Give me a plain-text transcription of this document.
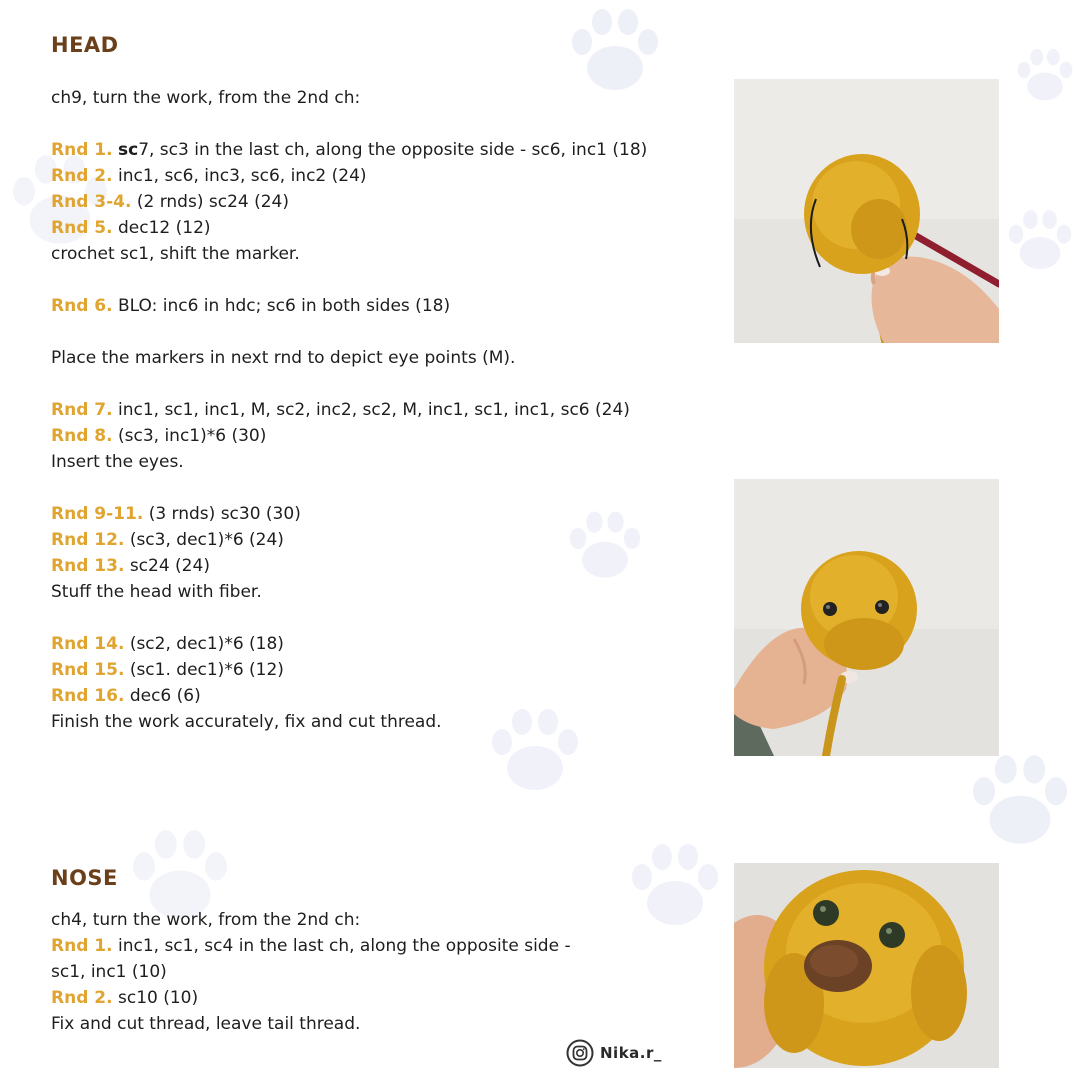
HEAD
ch9, turn the work, from the 2nd ch:
Rnd 1. sc7, sc3 in the last ch, along the opposite side - sc6, inc1 (18)
Rnd 2. inc1, sc6, inc3, sc6, inc2 (24)
Rnd 3-4. (2 rnds) sc24 (24)
Rnd 5. dec12 (12)
crochet sc1, shift the marker.
Rnd 6. BLO: inc6 in hdc; sc6 in both sides (18)
Place the markers in next rnd to depict eye points (M).
Rnd 7. inc1, sc1, inc1, M, sc2, inc2, sc2, M, inc1, sc1, inc1, sc6 (24)
Rnd 8. (sc3, inc1)*6 (30)
Insert the eyes.
Rnd 9-11. (3 rnds) sc30 (30)
Rnd 12. (sc3, dec1)*6 (24)
Rnd 13. sc24 (24)
Stuff the head with fiber.
Rnd 14. (sc2, dec1)*6 (18)
Rnd 15. (sc1. dec1)*6 (12)
Rnd 16. dec6 (6)
Finish the work accurately, fix and cut thread.
NOSE
ch4, turn the work, from the 2nd ch:
Rnd 1. inc1, sc1, sc4 in the last ch, along the opposite side -
sc1, inc1 (10)
Rnd 2. sc10 (10)
Fix and cut thread, leave tail thread.
Nika.r_
